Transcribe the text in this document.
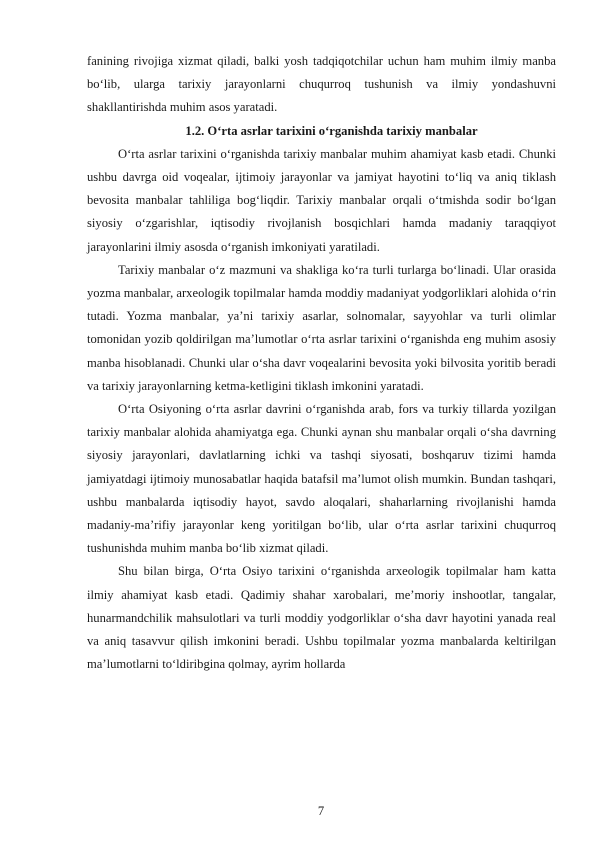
fanining rivojiga xizmat qiladi, balki yosh tadqiqotchilar uchun ham muhim ilmiy manba bo‘lib, ularga tarixiy jarayonlarni chuqurroq tushunish va ilmiy yondashuvni shakllantirishda muhim asos yaratadi.

1.2. O‘rta asrlar tarixini o‘rganishda tarixiy manbalar

O‘rta asrlar tarixini o‘rganishda tarixiy manbalar muhim ahamiyat kasb etadi. Chunki ushbu davrga oid voqealar, ijtimoiy jarayonlar va jamiyat hayotini to‘liq va aniq tiklash bevosita manbalar tahliliga bog‘liqdir. Tarixiy manbalar orqali o‘tmishda sodir bo‘lgan siyosiy o‘zgarishlar, iqtisodiy rivojlanish bosqichlari hamda madaniy taraqqiyot jarayonlarini ilmiy asosda o‘rganish imkoniyati yaratiladi.

Tarixiy manbalar o‘z mazmuni va shakliga ko‘ra turli turlarga bo‘linadi. Ular orasida yozma manbalar, arxeologik topilmalar hamda moddiy madaniyat yodgorliklari alohida o‘rin tutadi. Yozma manbalar, ya’ni tarixiy asarlar, solnomalar, sayyohlar va turli olimlar tomonidan yozib qoldirilgan ma’lumotlar o‘rta asrlar tarixini o‘rganishda eng muhim asosiy manba hisoblanadi. Chunki ular o‘sha davr voqealarini bevosita yoki bilvosita yoritib beradi va tarixiy jarayonlarning ketma-ketligini tiklash imkonini yaratadi.

O‘rta Osiyoning o‘rta asrlar davrini o‘rganishda arab, fors va turkiy tillarda yozilgan tarixiy manbalar alohida ahamiyatga ega. Chunki aynan shu manbalar orqali o‘sha davrning siyosiy jarayonlari, davlatlarning ichki va tashqi siyosati, boshqaruv tizimi hamda jamiyatdagi ijtimoiy munosabatlar haqida batafsil ma’lumot olish mumkin. Bundan tashqari, ushbu manbalarda iqtisodiy hayot, savdo aloqalari, shaharlarning rivojlanishi hamda madaniy-ma’rifiy jarayonlar keng yoritilgan bo‘lib, ular o‘rta asrlar tarixini chuqurroq tushunishda muhim manba bo‘lib xizmat qiladi.

Shu bilan birga, O‘rta Osiyo tarixini o‘rganishda arxeologik topilmalar ham katta ilmiy ahamiyat kasb etadi. Qadimiy shahar xarobalari, me’moriy inshootlar, tangalar, hunarmandchilik mahsulotlari va turli moddiy yodgorliklar o‘sha davr hayotini yanada real va aniq tasavvur qilish imkonini beradi. Ushbu topilmalar yozma manbalarda keltirilgan ma’lumotlarni to‘ldiribgina qolmay, ayrim hollarda

7
